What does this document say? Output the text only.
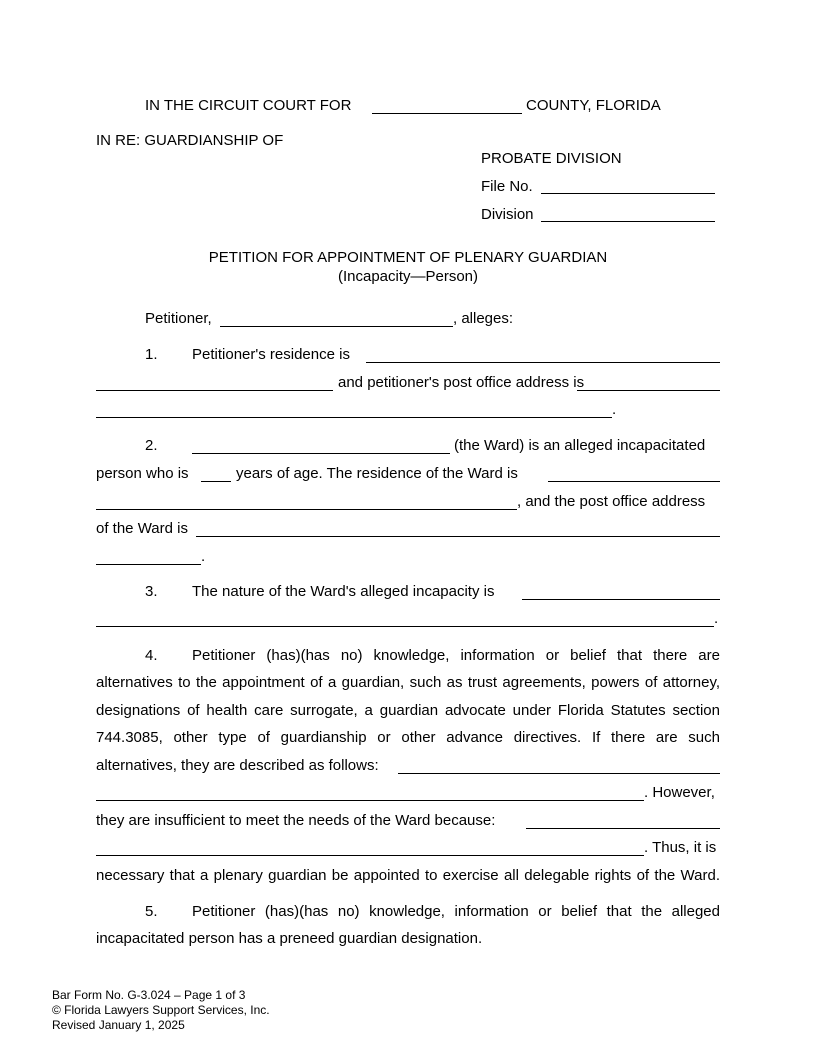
IN THE CIRCUIT COURT FOR	COUNTY, FLORIDA
IN RE: GUARDIANSHIP OF
PROBATE DIVISION
File No.
Division
PETITION FOR APPOINTMENT OF PLENARY GUARDIAN
(Incapacity—Person)
Petitioner,	, alleges:
1. Petitioner's residence is
and petitioner's post office address is
.
2.	(the Ward) is an alleged incapacitated
person who is	years of age. The residence of the Ward is
, and the post office address
of the Ward is
.
3. The nature of the Ward's alleged incapacity is
.
4. Petitioner (has)(has no) knowledge, information or belief that there are
alternatives to the appointment of a guardian, such as trust agreements, powers of attorney,
designations of health care surrogate, a guardian advocate under Florida Statutes section
744.3085, other type of guardianship or other advance directives. If there are such
alternatives, they are described as follows:
. However,
they are insufficient to meet the needs of the Ward because:
. Thus, it is
necessary that a plenary guardian be appointed to exercise all delegable rights of the Ward.
5. Petitioner (has)(has no) knowledge, information or belief that the alleged
incapacitated person has a preneed guardian designation.
Bar Form No. G-3.024 – Page 1 of 3
© Florida Lawyers Support Services, Inc.
Revised January 1, 2025
